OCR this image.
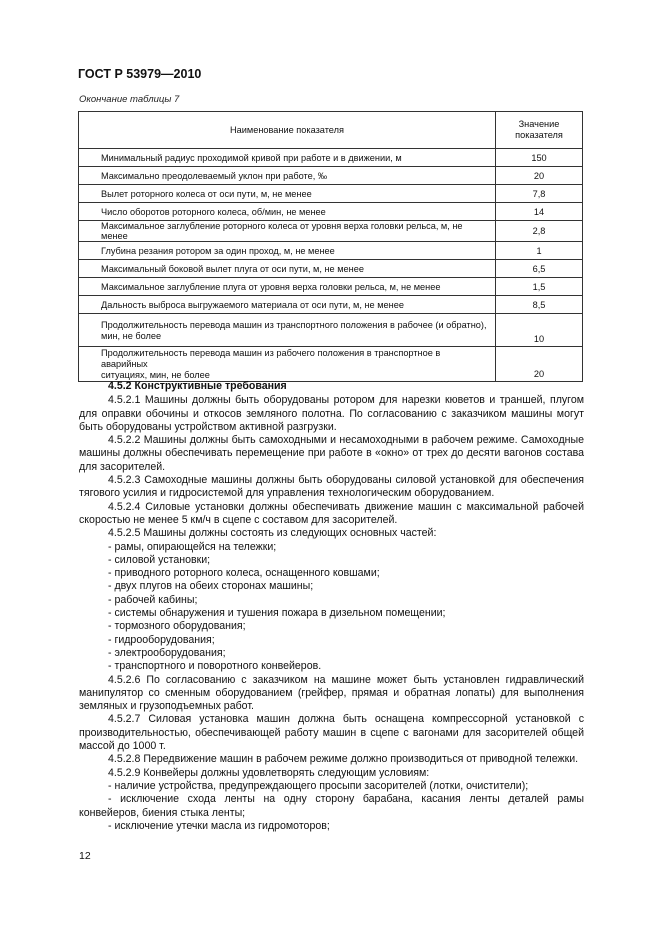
ГОСТ Р 53979—2010
Окончание таблицы 7
Наименование показателя	Значение
показателя
Минимальный радиус проходимой кривой при работе и в движении, м	150
Максимально преодолеваемый уклон при работе, ‰	20
Вылет роторного колеса от оси пути, м, не менее	7,8
Число оборотов роторного колеса, об/мин, не менее	14
Максимальное заглубление роторного колеса от уровня верха головки рельса, м, не менее	2,8
Глубина резания ротором за один проход, м, не менее	1
Максимальный боковой вылет плуга от оси пути, м, не менее	6,5
Максимальное заглубление плуга от уровня верха головки рельса, м, не менее	1,5
Дальность выброса выгружаемого материала от оси пути, м, не менее	8,5
Продолжительность перевода машин из транспортного положения в рабочее (и обратно),
мин, не более	10
Продолжительность перевода машин из рабочего положения в транспортное в аварийных
ситуациях, мин, не более	20
4.5.2 Конструктивные требования

4.5.2.1 Машины должны быть оборудованы ротором для нарезки кюветов и траншей, плугом для оправки обочины и откосов земляного полотна. По согласованию с заказчиком машины могут быть оборудованы устройством активной разгрузки.

4.5.2.2 Машины должны быть самоходными и несамоходными в рабочем режиме. Самоходные машины должны обеспечивать перемещение при работе в «окно» от трех до десяти вагонов состава для засорителей.

4.5.2.3 Самоходные машины должны быть оборудованы силовой установкой для обеспечения тягового усилия и гидросистемой для управления технологическим оборудованием.

4.5.2.4 Силовые установки должны обеспечивать движение машин с максимальной рабочей скоростью не менее 5 км/ч в сцепе с составом для засорителей.

4.5.2.5 Машины должны состоять из следующих основных частей:

- рамы, опирающейся на тележки;
- силовой установки;
- приводного роторного колеса, оснащенного ковшами;
- двух плугов на обеих сторонах машины;
- рабочей кабины;
- системы обнаружения и тушения пожара в дизельном помещении;
- тормозного оборудования;
- гидрооборудования;
- электрооборудования;
- транспортного и поворотного конвейеров.

4.5.2.6 По согласованию с заказчиком на машине может быть установлен гидравлический манипулятор со сменным оборудованием (грейфер, прямая и обратная лопаты) для выполнения земляных и грузоподъемных работ.

4.5.2.7 Силовая установка машин должна быть оснащена компрессорной установкой с производительностью, обеспечивающей работу машин в сцепе с вагонами для засорителей общей массой до 1000 т.

4.5.2.8 Передвижение машин в рабочем режиме должно производиться от приводной тележки.

4.5.2.9 Конвейеры должны удовлетворять следующим условиям:

- наличие устройства, предупреждающего просыпи засорителей (лотки, очистители);

- исключение схода ленты на одну сторону барабана, касания ленты деталей рамы конвейеров, биения стыка ленты;

- исключение утечки масла из гидромоторов;

12
